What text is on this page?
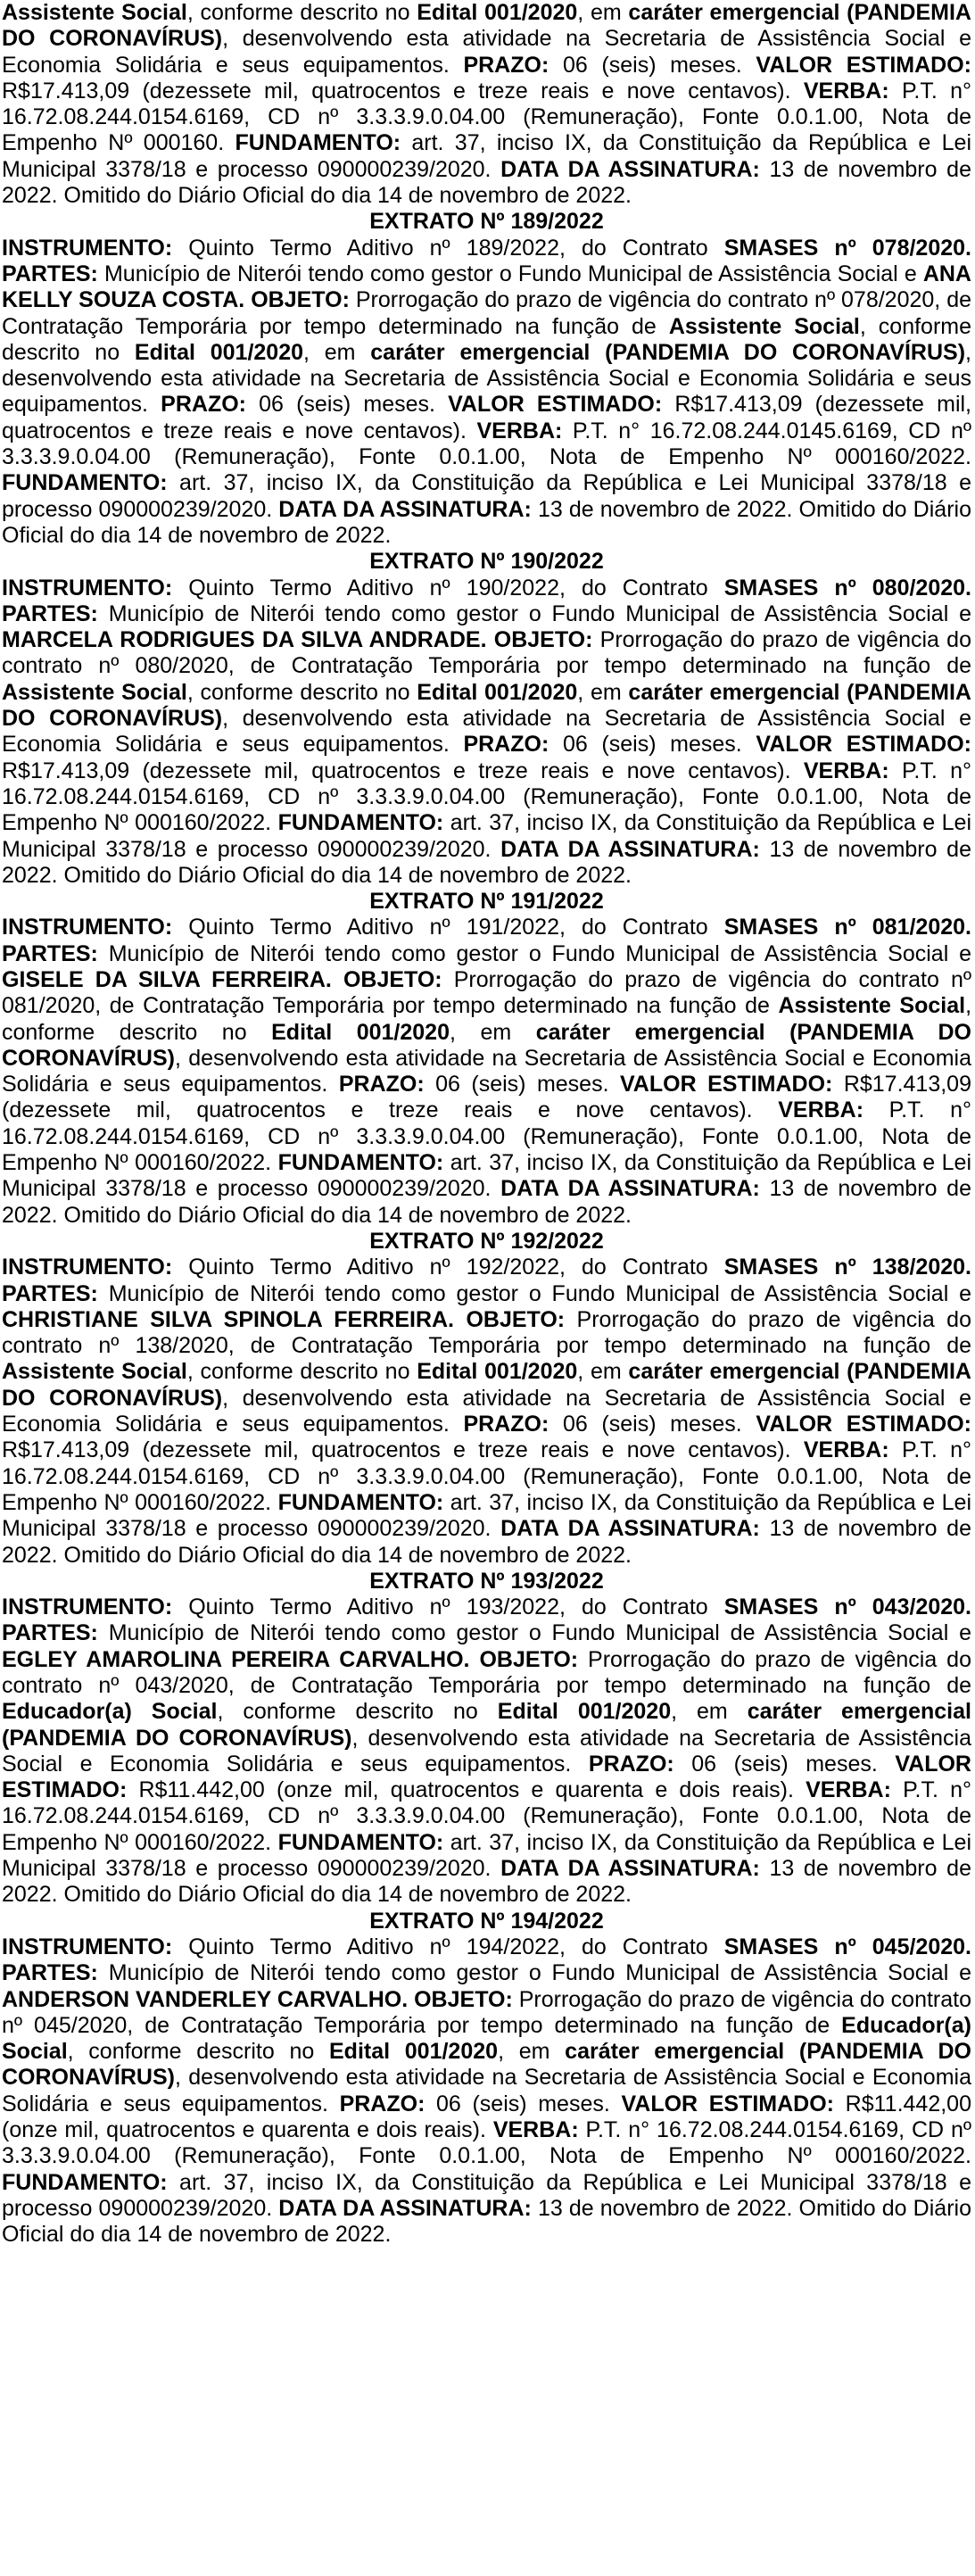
Assistente Social, conforme descrito no Edital 001/2020, em caráter emergencial (PANDEMIA DO CORONAVÍRUS), desenvolvendo esta atividade na Secretaria de Assistência Social e Economia Solidária e seus equipamentos. PRAZO: 06 (seis) meses. VALOR ESTIMADO: R$17.413,09 (dezessete mil, quatrocentos e treze reais e nove centavos). VERBA: P.T. n° 16.72.08.244.0154.6169, CD nº 3.3.3.9.0.04.00 (Remuneração), Fonte 0.0.1.00, Nota de Empenho Nº 000160. FUNDAMENTO: art. 37, inciso IX, da Constituição da República e Lei Municipal 3378/18 e processo 090000239/2020. DATA DA ASSINATURA: 13 de novembro de 2022. Omitido do Diário Oficial do dia 14 de novembro de 2022.

EXTRATO Nº 189/2022

INSTRUMENTO: Quinto Termo Aditivo nº 189/2022, do Contrato SMASES nº 078/2020. PARTES: Município de Niterói tendo como gestor o Fundo Municipal de Assistência Social e ANA KELLY SOUZA COSTA. OBJETO: Prorrogação do prazo de vigência do contrato nº 078/2020, de Contratação Temporária por tempo determinado na função de Assistente Social, conforme descrito no Edital 001/2020, em caráter emergencial (PANDEMIA DO CORONAVÍRUS), desenvolvendo esta atividade na Secretaria de Assistência Social e Economia Solidária e seus equipamentos. PRAZO: 06 (seis) meses. VALOR ESTIMADO: R$17.413,09 (dezessete mil, quatrocentos e treze reais e nove centavos). VERBA: P.T. n° 16.72.08.244.0145.6169, CD nº 3.3.3.9.0.04.00 (Remuneração), Fonte 0.0.1.00, Nota de Empenho Nº 000160/2022. FUNDAMENTO: art. 37, inciso IX, da Constituição da República e Lei Municipal 3378/18 e processo 090000239/2020. DATA DA ASSINATURA: 13 de novembro de 2022. Omitido do Diário Oficial do dia 14 de novembro de 2022.

EXTRATO Nº 190/2022

INSTRUMENTO: Quinto Termo Aditivo nº 190/2022, do Contrato SMASES nº 080/2020. PARTES: Município de Niterói tendo como gestor o Fundo Municipal de Assistência Social e MARCELA RODRIGUES DA SILVA ANDRADE. OBJETO: Prorrogação do prazo de vigência do contrato nº 080/2020, de Contratação Temporária por tempo determinado na função de Assistente Social, conforme descrito no Edital 001/2020, em caráter emergencial (PANDEMIA DO CORONAVÍRUS), desenvolvendo esta atividade na Secretaria de Assistência Social e Economia Solidária e seus equipamentos. PRAZO: 06 (seis) meses. VALOR ESTIMADO: R$17.413,09 (dezessete mil, quatrocentos e treze reais e nove centavos). VERBA: P.T. n° 16.72.08.244.0154.6169, CD nº 3.3.3.9.0.04.00 (Remuneração), Fonte 0.0.1.00, Nota de Empenho Nº 000160/2022. FUNDAMENTO: art. 37, inciso IX, da Constituição da República e Lei Municipal 3378/18 e processo 090000239/2020. DATA DA ASSINATURA: 13 de novembro de 2022. Omitido do Diário Oficial do dia 14 de novembro de 2022.

EXTRATO Nº 191/2022

INSTRUMENTO: Quinto Termo Aditivo nº 191/2022, do Contrato SMASES nº 081/2020. PARTES: Município de Niterói tendo como gestor o Fundo Municipal de Assistência Social e GISELE DA SILVA FERREIRA. OBJETO: Prorrogação do prazo de vigência do contrato nº 081/2020, de Contratação Temporária por tempo determinado na função de Assistente Social, conforme descrito no Edital 001/2020, em caráter emergencial (PANDEMIA DO CORONAVÍRUS), desenvolvendo esta atividade na Secretaria de Assistência Social e Economia Solidária e seus equipamentos. PRAZO: 06 (seis) meses. VALOR ESTIMADO: R$17.413,09 (dezessete mil, quatrocentos e treze reais e nove centavos). VERBA: P.T. n° 16.72.08.244.0154.6169, CD nº 3.3.3.9.0.04.00 (Remuneração), Fonte 0.0.1.00, Nota de Empenho Nº 000160/2022. FUNDAMENTO: art. 37, inciso IX, da Constituição da República e Lei Municipal 3378/18 e processo 090000239/2020. DATA DA ASSINATURA: 13 de novembro de 2022. Omitido do Diário Oficial do dia 14 de novembro de 2022.

EXTRATO Nº 192/2022

INSTRUMENTO: Quinto Termo Aditivo nº 192/2022, do Contrato SMASES nº 138/2020. PARTES: Município de Niterói tendo como gestor o Fundo Municipal de Assistência Social e CHRISTIANE SILVA SPINOLA FERREIRA. OBJETO: Prorrogação do prazo de vigência do contrato nº 138/2020, de Contratação Temporária por tempo determinado na função de Assistente Social, conforme descrito no Edital 001/2020, em caráter emergencial (PANDEMIA DO CORONAVÍRUS), desenvolvendo esta atividade na Secretaria de Assistência Social e Economia Solidária e seus equipamentos. PRAZO: 06 (seis) meses. VALOR ESTIMADO: R$17.413,09 (dezessete mil, quatrocentos e treze reais e nove centavos). VERBA: P.T. n° 16.72.08.244.0154.6169, CD nº 3.3.3.9.0.04.00 (Remuneração), Fonte 0.0.1.00, Nota de Empenho Nº 000160/2022. FUNDAMENTO: art. 37, inciso IX, da Constituição da República e Lei Municipal 3378/18 e processo 090000239/2020. DATA DA ASSINATURA: 13 de novembro de 2022. Omitido do Diário Oficial do dia 14 de novembro de 2022.

EXTRATO Nº 193/2022

INSTRUMENTO: Quinto Termo Aditivo nº 193/2022, do Contrato SMASES nº 043/2020. PARTES: Município de Niterói tendo como gestor o Fundo Municipal de Assistência Social e EGLEY AMAROLINA PEREIRA CARVALHO. OBJETO: Prorrogação do prazo de vigência do contrato nº 043/2020, de Contratação Temporária por tempo determinado na função de Educador(a) Social, conforme descrito no Edital 001/2020, em caráter emergencial (PANDEMIA DO CORONAVÍRUS), desenvolvendo esta atividade na Secretaria de Assistência Social e Economia Solidária e seus equipamentos. PRAZO: 06 (seis) meses. VALOR ESTIMADO: R$11.442,00 (onze mil, quatrocentos e quarenta e dois reais). VERBA: P.T. n° 16.72.08.244.0154.6169, CD nº 3.3.3.9.0.04.00 (Remuneração), Fonte 0.0.1.00, Nota de Empenho Nº 000160/2022. FUNDAMENTO: art. 37, inciso IX, da Constituição da República e Lei Municipal 3378/18 e processo 090000239/2020. DATA DA ASSINATURA: 13 de novembro de 2022. Omitido do Diário Oficial do dia 14 de novembro de 2022.

EXTRATO Nº 194/2022

INSTRUMENTO: Quinto Termo Aditivo nº 194/2022, do Contrato SMASES nº 045/2020. PARTES: Município de Niterói tendo como gestor o Fundo Municipal de Assistência Social e ANDERSON VANDERLEY CARVALHO. OBJETO: Prorrogação do prazo de vigência do contrato nº 045/2020, de Contratação Temporária por tempo determinado na função de Educador(a) Social, conforme descrito no Edital 001/2020, em caráter emergencial (PANDEMIA DO CORONAVÍRUS), desenvolvendo esta atividade na Secretaria de Assistência Social e Economia Solidária e seus equipamentos. PRAZO: 06 (seis) meses. VALOR ESTIMADO: R$11.442,00 (onze mil, quatrocentos e quarenta e dois reais). VERBA: P.T. n° 16.72.08.244.0154.6169, CD nº 3.3.3.9.0.04.00 (Remuneração), Fonte 0.0.1.00, Nota de Empenho Nº 000160/2022. FUNDAMENTO: art. 37, inciso IX, da Constituição da República e Lei Municipal 3378/18 e processo 090000239/2020. DATA DA ASSINATURA: 13 de novembro de 2022. Omitido do Diário Oficial do dia 14 de novembro de 2022.
